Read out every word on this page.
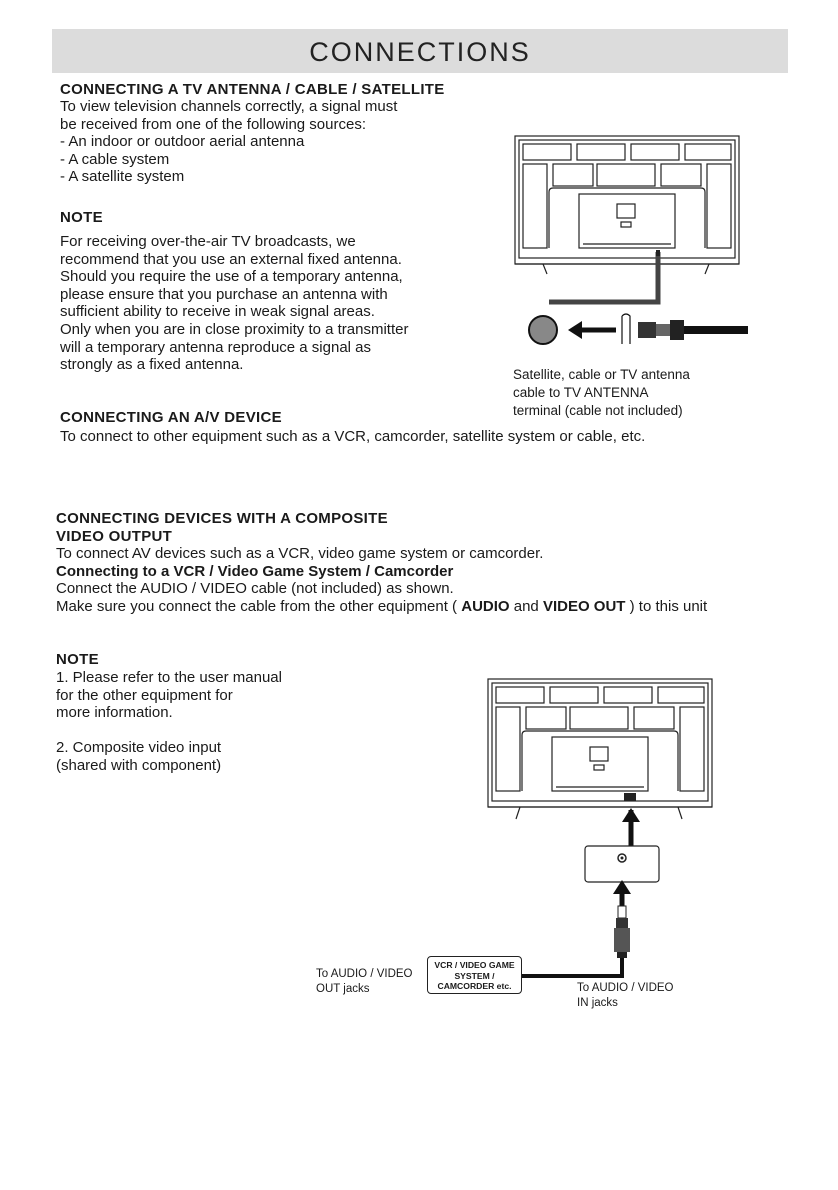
CONNECTIONS
CONNECTING A TV ANTENNA / CABLE / SATELLITE
To view television channels correctly, a signal must
be received from one of the following sources:
- An indoor or outdoor aerial antenna
- A cable system
- A satellite system
NOTE
For receiving over-the-air TV broadcasts, we
recommend that you use an external fixed antenna.
Should you require the use of a temporary antenna,
please ensure that you purchase an antenna with
sufficient ability to receive in weak signal areas.
Only when you are in close proximity to a transmitter
will a temporary antenna reproduce a signal as
strongly as a fixed antenna.
Satellite, cable or TV antenna
cable to TV ANTENNA
terminal (cable not included)
CONNECTING AN A/V DEVICE
To connect to other equipment such as a VCR, camcorder, satellite system or cable, etc.
CONNECTING DEVICES WITH A COMPOSITE
VIDEO OUTPUT
To connect AV devices such as a VCR, video game system or camcorder.
Connecting to a VCR / Video Game System / Camcorder
Connect the AUDIO / VIDEO cable (not included) as shown.
Make sure you connect the cable from the other equipment ( AUDIO and VIDEO OUT ) to this unit
NOTE
1. Please refer to the user manual
for the other equipment for
more information.
2. Composite video input
(shared with component)
VCR / VIDEO GAME
SYSTEM /
CAMCORDER etc.
To AUDIO / VIDEO
OUT jacks	To AUDIO / VIDEO
IN jacks
